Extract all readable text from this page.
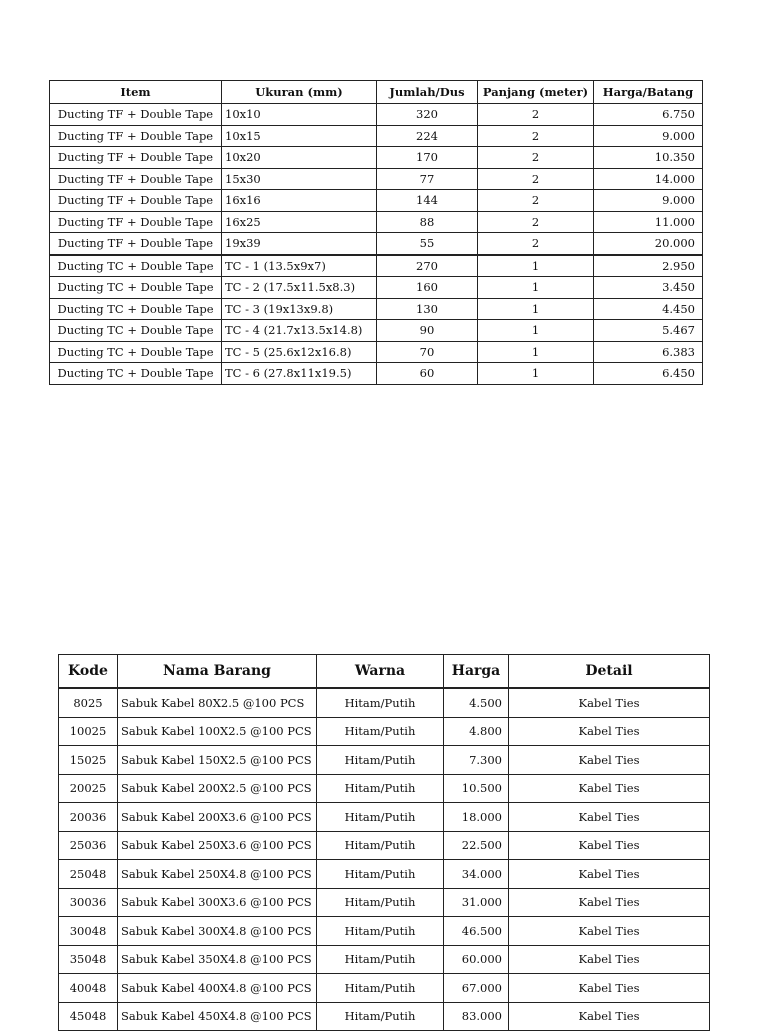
Item	Ukuran (mm)	Jumlah/Dus	Panjang (meter)	Harga/Batang
Ducting TF + Double Tape	10x10	320	2	6.750
Ducting TF + Double Tape	10x15	224	2	9.000
Ducting TF + Double Tape	10x20	170	2	10.350
Ducting TF + Double Tape	15x30	77	2	14.000
Ducting TF + Double Tape	16x16	144	2	9.000
Ducting TF + Double Tape	16x25	88	2	11.000
Ducting TF + Double Tape	19x39	55	2	20.000
Ducting TC + Double Tape	TC - 1 (13.5x9x7)	270	1	2.950
Ducting TC + Double Tape	TC - 2 (17.5x11.5x8.3)	160	1	3.450
Ducting TC + Double Tape	TC - 3 (19x13x9.8)	130	1	4.450
Ducting TC + Double Tape	TC - 4 (21.7x13.5x14.8)	90	1	5.467
Ducting TC + Double Tape	TC - 5 (25.6x12x16.8)	70	1	6.383
Ducting TC + Double Tape	TC - 6 (27.8x11x19.5)	60	1	6.450
Kode	Nama Barang	Warna	Harga	Detail
8025	Sabuk Kabel 80X2.5 @100 PCS	Hitam/Putih	4.500	Kabel Ties
10025	Sabuk Kabel 100X2.5 @100 PCS	Hitam/Putih	4.800	Kabel Ties
15025	Sabuk Kabel 150X2.5 @100 PCS	Hitam/Putih	7.300	Kabel Ties
20025	Sabuk Kabel 200X2.5 @100 PCS	Hitam/Putih	10.500	Kabel Ties
20036	Sabuk Kabel 200X3.6 @100 PCS	Hitam/Putih	18.000	Kabel Ties
25036	Sabuk Kabel 250X3.6 @100 PCS	Hitam/Putih	22.500	Kabel Ties
25048	Sabuk Kabel 250X4.8 @100 PCS	Hitam/Putih	34.000	Kabel Ties
30036	Sabuk Kabel 300X3.6 @100 PCS	Hitam/Putih	31.000	Kabel Ties
30048	Sabuk Kabel 300X4.8 @100 PCS	Hitam/Putih	46.500	Kabel Ties
35048	Sabuk Kabel 350X4.8 @100 PCS	Hitam/Putih	60.000	Kabel Ties
40048	Sabuk Kabel 400X4.8 @100 PCS	Hitam/Putih	67.000	Kabel Ties
45048	Sabuk Kabel 450X4.8 @100 PCS	Hitam/Putih	83.000	Kabel Ties
